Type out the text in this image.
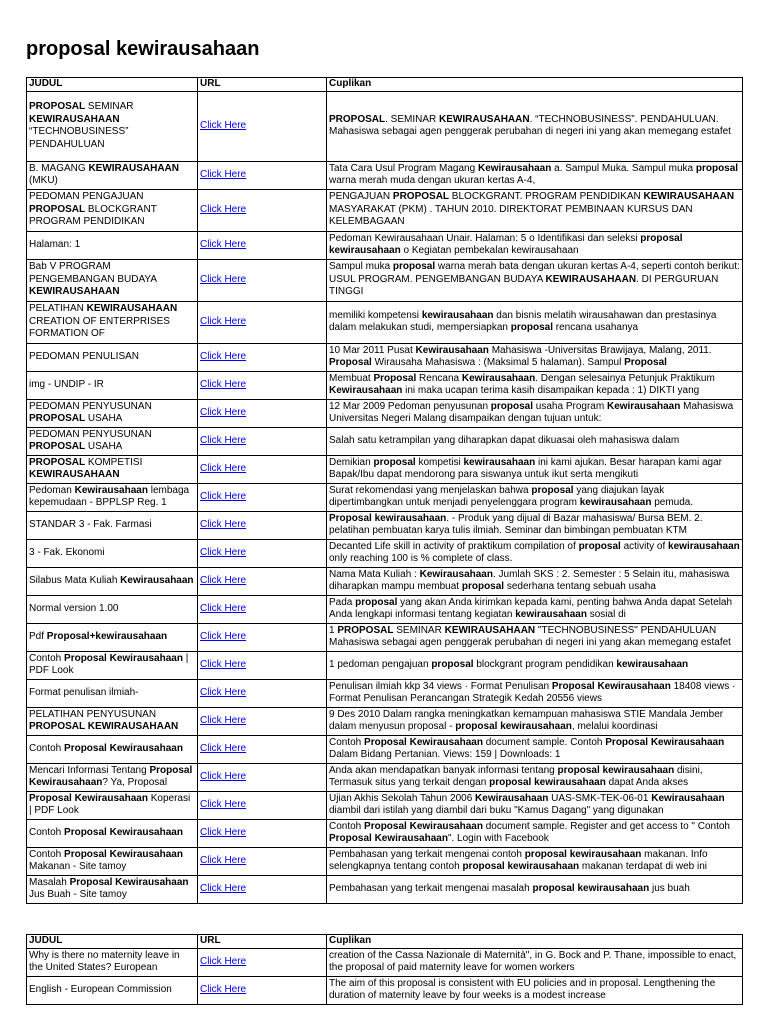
proposal kewirausahaan
JUDUL	URL	Cuplikan
PROPOSAL SEMINAR KEWIRAUSAHAAN “TECHNOBUSINESS” PENDAHULUAN	Click Here	PROPOSAL. SEMINAR KEWIRAUSAHAAN. “TECHNOBUSINESS”. PENDAHULUAN. Mahasiswa sebagai agen penggerak perubahan di negeri ini yang akan memegang estafet
B. MAGANG KEWIRAUSAHAAN (MKU)	Click Here	Tata Cara Usul Program Magang Kewirausahaan a. Sampul Muka. Sampul muka proposal warna merah muda dengan ukuran kertas A-4,
PEDOMAN PENGAJUAN PROPOSAL BLOCKGRANT PROGRAM PENDIDIKAN	Click Here	PENGAJUAN PROPOSAL BLOCKGRANT. PROGRAM PENDIDIKAN KEWIRAUSAHAAN MASYARAKAT (PKM) . TAHUN 2010. DIREKTORAT PEMBINAAN KURSUS DAN KELEMBAGAAN
Halaman: 1	Click Here	Pedoman Kewirausahaan Unair. Halaman: 5 o Identifikasi dan seleksi proposal kewirausahaan o Kegiatan pembekalan kewirausahaan
Bab V PROGRAM PENGEMBANGAN BUDAYA KEWIRAUSAHAAN	Click Here	Sampul muka proposal warna merah bata dengan ukuran kertas A-4, seperti contoh berikut: USUL PROGRAM. PENGEMBANGAN BUDAYA KEWIRAUSAHAAN. DI PERGURUAN TINGGI
PELATIHAN KEWIRAUSAHAAN CREATION OF ENTERPRISES FORMATION OF	Click Here	memiliki kompetensi kewirausahaan dan bisnis melatih wirausahawan dan prestasinya dalam melakukan studi, mempersiapkan proposal rencana usahanya
PEDOMAN PENULISAN	Click Here	10 Mar 2011 Pusat Kewirausahaan Mahasiswa -Universitas Brawijaya, Malang, 2011. Proposal Wirausaha Mahasiswa : (Maksimal 5 halaman). Sampul Proposal
img - UNDIP - IR	Click Here	Membuat Proposal Rencana Kewirausahaan. Dengan selesainya Petunjuk Praktikum Kewirausahaan ini maka ucapan terima kasih disampaikan kepada : 1) DIKTI yang
PEDOMAN PENYUSUNAN PROPOSAL USAHA	Click Here	12 Mar 2009 Pedoman penyusunan proposal usaha Program Kewirausahaan Mahasiswa Universitas Negeri Malang disampaikan dengan tujuan untuk:
PEDOMAN PENYUSUNAN PROPOSAL USAHA	Click Here	Salah satu ketrampilan yang diharapkan dapat dikuasai oleh mahasiswa dalam
PROPOSAL KOMPETISI KEWIRAUSAHAAN	Click Here	Demikian proposal kompetisi kewirausahaan ini kami ajukan. Besar harapan kami agar Bapak/Ibu dapat mendorong para siswanya untuk ikut serta mengikuti
Pedoman Kewirausahaan lembaga kepemudaan - BPPLSP Reg. 1	Click Here	Surat rekomendasi yang menjelaskan bahwa proposal yang diajukan layak dipertimbangkan untuk menjadi penyelenggara program kewirausahaan pemuda.
STANDAR 3 - Fak. Farmasi	Click Here	Proposal kewirausahaan. - Produk yang dijual di Bazar mahasiswa/ Bursa BEM. 2. pelatihan pembuatan karya tulis ilmiah. Seminar dan bimbingan pembuatan KTM
3 - Fak. Ekonomi	Click Here	Decanted Life skill in activity of praktikum compilation of proposal activity of kewirausahaan only reaching 100 is % complete of class.
Silabus Mata Kuliah Kewirausahaan	Click Here	Nama Mata Kuliah : Kewirausahaan. Jumlah SKS : 2. Semester : 5 Selain itu, mahasiswa diharapkan mampu membuat proposal sederhana tentang sebuah usaha
Normal version 1.00	Click Here	Pada proposal yang akan Anda kirimkan kepada kami, penting bahwa Anda dapat Setelah Anda lengkapi informasi tentang kegiatan kewirausahaan sosial di
Pdf Proposal+kewirausahaan	Click Here	1 PROPOSAL SEMINAR KEWIRAUSAHAAN "TECHNOBUSINESS" PENDAHULUAN Mahasiswa sebagai agen penggerak perubahan di negeri ini yang akan memegang estafet
Contoh Proposal Kewirausahaan | PDF Look	Click Here	1 pedoman pengajuan proposal blockgrant program pendidikan kewirausahaan
Format penulisan ilmiah-	Click Here	Penulisan ilmiah kkp 34 views · Format Penulisan Proposal Kewirausahaan 18408 views · Format Penulisan Perancangan Strategik Kedah 20556 views
PELATIHAN PENYUSUNAN PROPOSAL KEWIRAUSAHAAN	Click Here	9 Des 2010 Dalam rangka meningkatkan kemampuan mahasiswa STIE Mandala Jember dalam menyusun proposal - proposal kewirausahaan, melalui koordinasi
Contoh Proposal Kewirausahaan	Click Here	Contoh Proposal Kewirausahaan document sample. Contoh Proposal Kewirausahaan Dalam Bidang Pertanian. Views: 159 | Downloads: 1
Mencari Informasi Tentang Proposal Kewirausahaan? Ya, Proposal	Click Here	Anda akan mendapatkan banyak informasi tentang proposal kewirausahaan disini, Termasuk situs yang terkait dengan proposal kewirausahaan dapat Anda akses
Proposal Kewirausahaan Koperasi | PDF Look	Click Here	Ujian Akhis Sekolah Tahun 2006 Kewirausahaan UAS-SMK-TEK-06-01 Kewirausahaan diambil dari istilah yang diambil dari buku "Kamus Dagang" yang digunakan
Contoh Proposal Kewirausahaan	Click Here	Contoh Proposal Kewirausahaan document sample. Register and get access to " Contoh Proposal Kewirausahaan". Login with Facebook
Contoh Proposal Kewirausahaan Makanan - Site tamoy	Click Here	Pembahasan yang terkait mengenai contoh proposal kewirausahaan makanan. Info selengkapnya tentang contoh proposal kewirausahaan makanan terdapat di web ini
Masalah Proposal Kewirausahaan Jus Buah - Site tamoy	Click Here	Pembahasan yang terkait mengenai masalah proposal kewirausahaan jus buah
JUDUL	URL	Cuplikan
Why is there no maternity leave in the United States? European	Click Here	creation of the Cassa Nazionale di Maternità", in G. Bock and P. Thane, impossible to enact, the proposal of paid maternity leave for women workers
English - European Commission	Click Here	The aim of this proposal is consistent with EU policies and in proposal. Lengthening the duration of maternity leave by four weeks is a modest increase
